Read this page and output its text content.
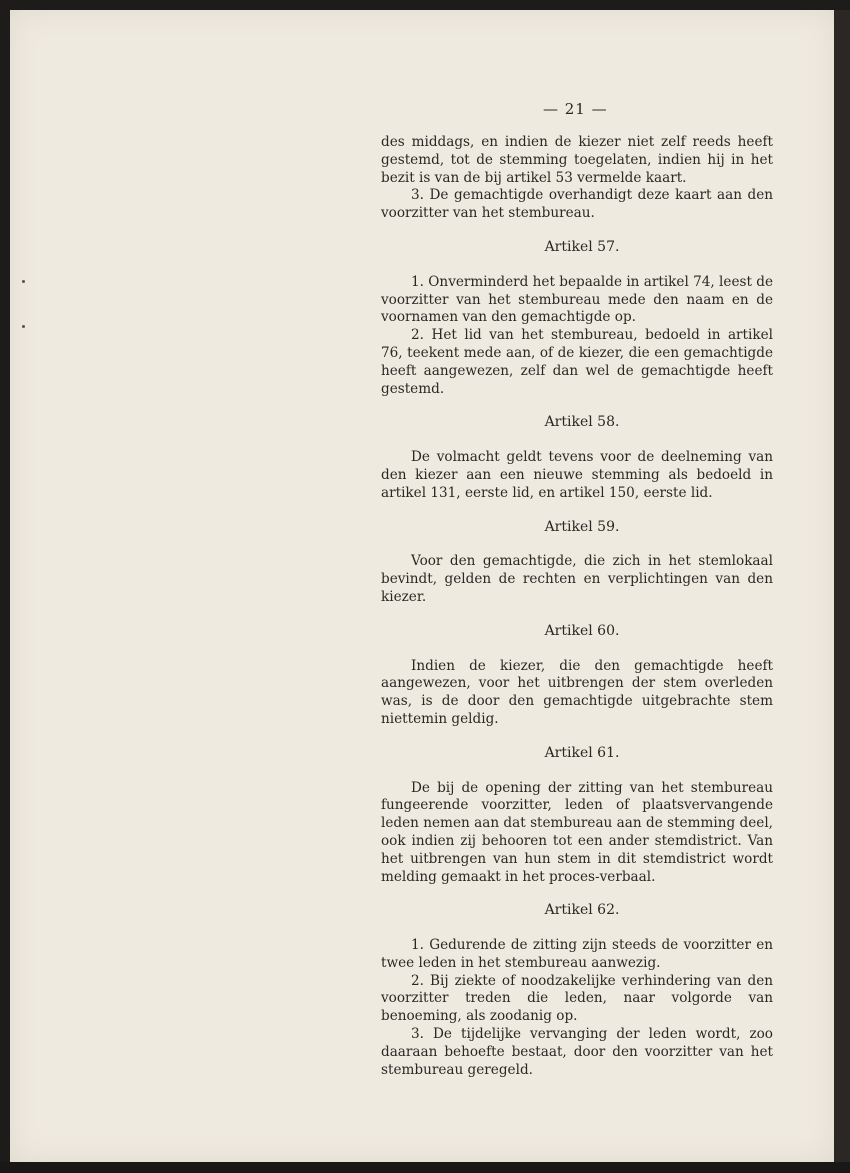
— 21 —

des middags, en indien de kiezer niet zelf reeds heeft gestemd, tot de stemming toegelaten, indien hij in het bezit is van de bij artikel 53 vermelde kaart.

3. De gemachtigde overhandigt deze kaart aan den voorzitter van het stembureau.

Artikel 57.

1. Onverminderd het bepaalde in artikel 74, leest de voorzitter van het stembureau mede den naam en de voornamen van den gemachtigde op.

2. Het lid van het stembureau, bedoeld in artikel 76, teekent mede aan, of de kiezer, die een gemachtigde heeft aangewezen, zelf dan wel de gemachtigde heeft gestemd.

Artikel 58.

De volmacht geldt tevens voor de deelneming van den kiezer aan een nieuwe stemming als bedoeld in artikel 131, eerste lid, en artikel 150, eerste lid.

Artikel 59.

Voor den gemachtigde, die zich in het stemlokaal bevindt, gelden de rechten en verplichtingen van den kiezer.

Artikel 60.

Indien de kiezer, die den gemachtigde heeft aangewezen, voor het uitbrengen der stem overleden was, is de door den gemachtigde uitgebrachte stem niettemin geldig.

Artikel 61.

De bij de opening der zitting van het stembureau fungeerende voorzitter, leden of plaatsvervangende leden nemen aan dat stembureau aan de stemming deel, ook indien zij behooren tot een ander stemdistrict. Van het uitbrengen van hun stem in dit stemdistrict wordt melding gemaakt in het proces-verbaal.

Artikel 62.

1. Gedurende de zitting zijn steeds de voorzitter en twee leden in het stembureau aanwezig.

2. Bij ziekte of noodzakelijke verhindering van den voorzitter treden die leden, naar volgorde van benoeming, als zoodanig op.

3. De tijdelijke vervanging der leden wordt, zoo daaraan behoefte bestaat, door den voorzitter van het stembureau geregeld.
